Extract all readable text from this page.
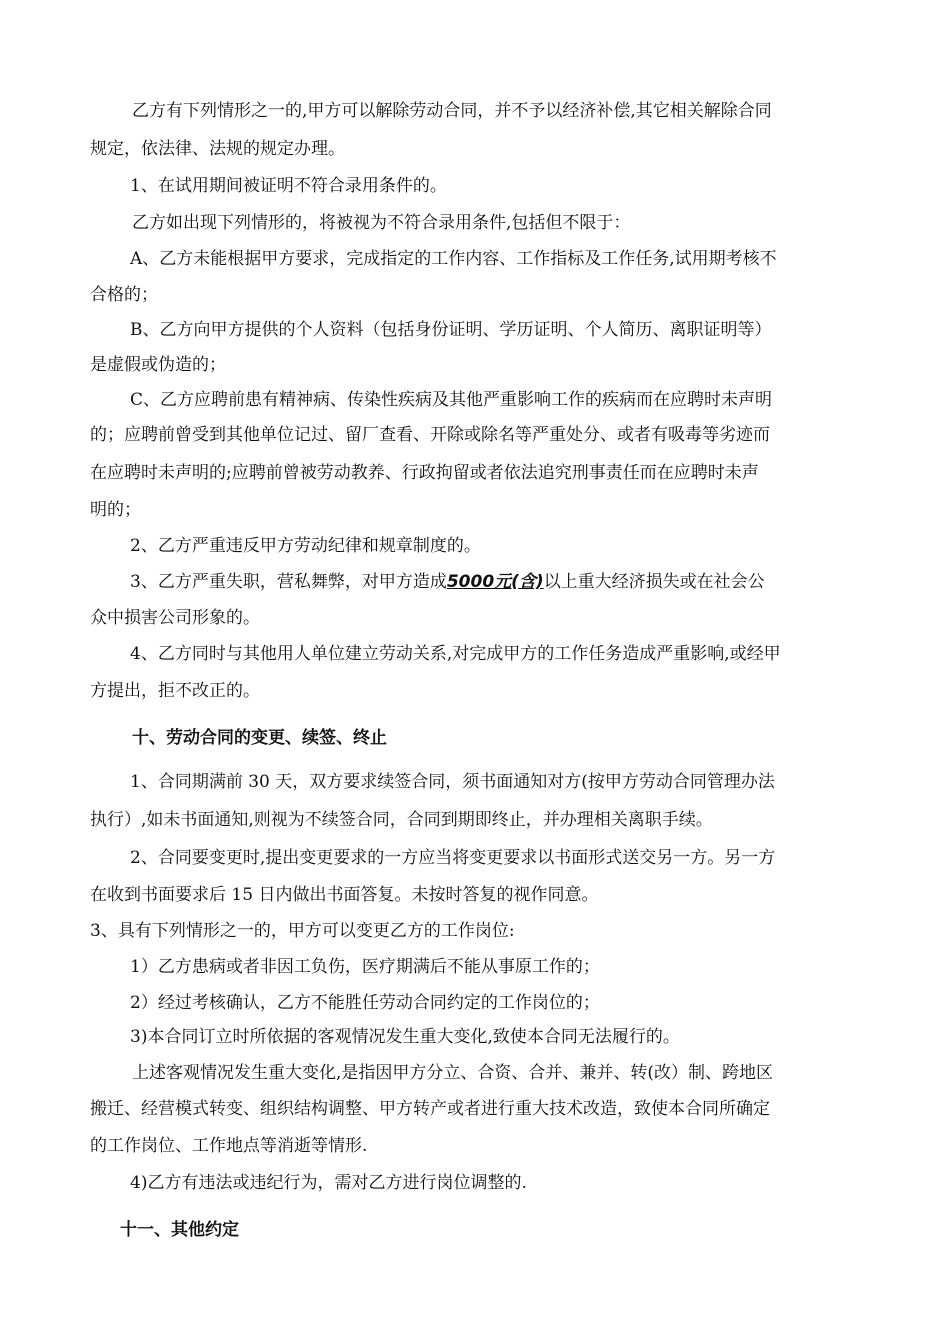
乙方有下列情形之一的,甲方可以解除劳动合同，并不予以经济补偿,其它相关解除合同
规定，依法律、法规的规定办理。
1、在试用期间被证明不符合录用条件的。
乙方如出现下列情形的，将被视为不符合录用条件,包括但不限于：
A、乙方未能根据甲方要求，完成指定的工作内容、工作指标及工作任务,试用期考核不
合格的；
B、乙方向甲方提供的个人资料（包括身份证明、学历证明、个人简历、离职证明等）
是虚假或伪造的；
C、乙方应聘前患有精神病、传染性疾病及其他严重影响工作的疾病而在应聘时未声明
的；应聘前曾受到其他单位记过、留厂查看、开除或除名等严重处分、或者有吸毒等劣迹而
在应聘时未声明的;应聘前曾被劳动教养、行政拘留或者依法追究刑事责任而在应聘时未声
明的；
2、乙方严重违反甲方劳动纪律和规章制度的。
3、乙方严重失职，营私舞弊，对甲方造成5000元(含)以上重大经济损失或在社会公
众中损害公司形象的。
4、乙方同时与其他用人单位建立劳动关系,对完成甲方的工作任务造成严重影响,或经甲
方提出，拒不改正的。
十、劳动合同的变更、续签、终止
1、合同期满前 30 天，双方要求续签合同，须书面通知对方(按甲方劳动合同管理办法
执行）,如未书面通知,则视为不续签合同，合同到期即终止，并办理相关离职手续。
2、合同要变更时,提出变更要求的一方应当将变更要求以书面形式送交另一方。另一方
在收到书面要求后 15 日内做出书面答复。未按时答复的视作同意。
3、具有下列情形之一的，甲方可以变更乙方的工作岗位:
1）乙方患病或者非因工负伤，医疗期满后不能从事原工作的；
2）经过考核确认，乙方不能胜任劳动合同约定的工作岗位的；
3)本合同订立时所依据的客观情况发生重大变化,致使本合同无法履行的。
上述客观情况发生重大变化,是指因甲方分立、合资、合并、兼并、转(改）制、跨地区
搬迁、经营模式转变、组织结构调整、甲方转产或者进行重大技术改造，致使本合同所确定
的工作岗位、工作地点等消逝等情形.
4)乙方有违法或违纪行为，需对乙方进行岗位调整的.
十一、其他约定
